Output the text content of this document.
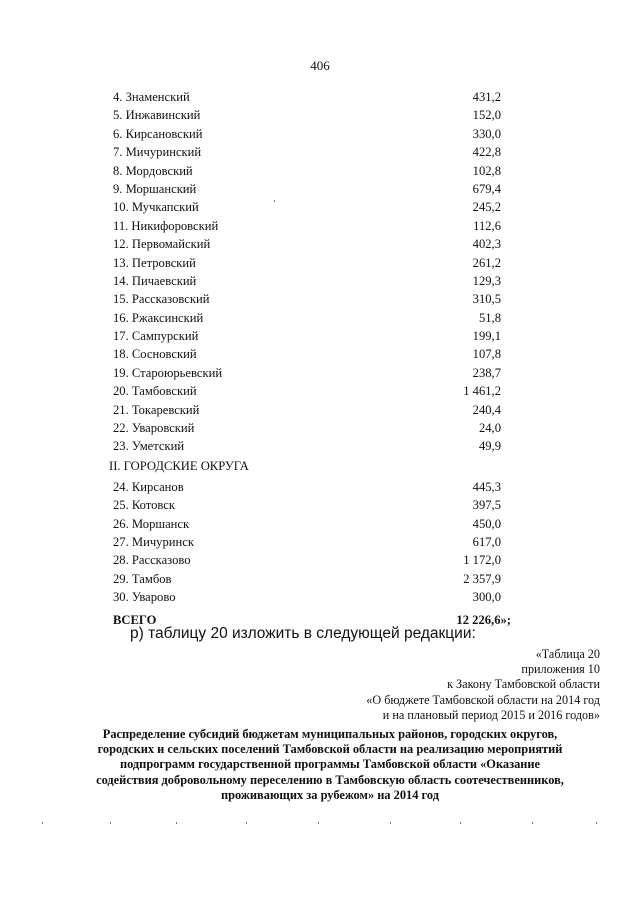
406
4. Знаменский	431,2
5. Инжавинский	152,0
6. Кирсановский	330,0
7. Мичуринский	422,8
8. Мордовский	102,8
9. Моршанский	679,4
10. Мучкапский	245,2
11. Никифоровский	112,6
12. Первомайский	402,3
13. Петровский	261,2
14. Пичаевский	129,3
15. Рассказовский	310,5
16. Ржаксинский	51,8
17. Сампурский	199,1
18. Сосновский	107,8
19. Староюрьевский	238,7
20. Тамбовский	1 461,2
21. Токаревский	240,4
22. Уваровский	24,0
23. Уметский	49,9
II. ГОРОДСКИЕ ОКРУГА
24. Кирсанов	445,3
25. Котовск	397,5
26. Моршанск	450,0
27. Мичуринск	617,0
28. Рассказово	1 172,0
29. Тамбов	2 357,9
30. Уварово	300,0
ВСЕГО	12 226,6»;
р) таблицу 20 изложить в следующей редакции:
«Таблица 20
приложения 10
к Закону Тамбовской области
«О бюджете Тамбовской области на 2014 год
и на плановый период 2015 и 2016 годов»
Распределение субсидий бюджетам муниципальных районов, городских округов,
городских и сельских поселений Тамбовской области на реализацию мероприятий
подпрограмм государственной программы Тамбовской области «Оказание
содействия добровольному переселению в Тамбовскую область соотечественников,
проживающих за рубежом» на 2014 год
